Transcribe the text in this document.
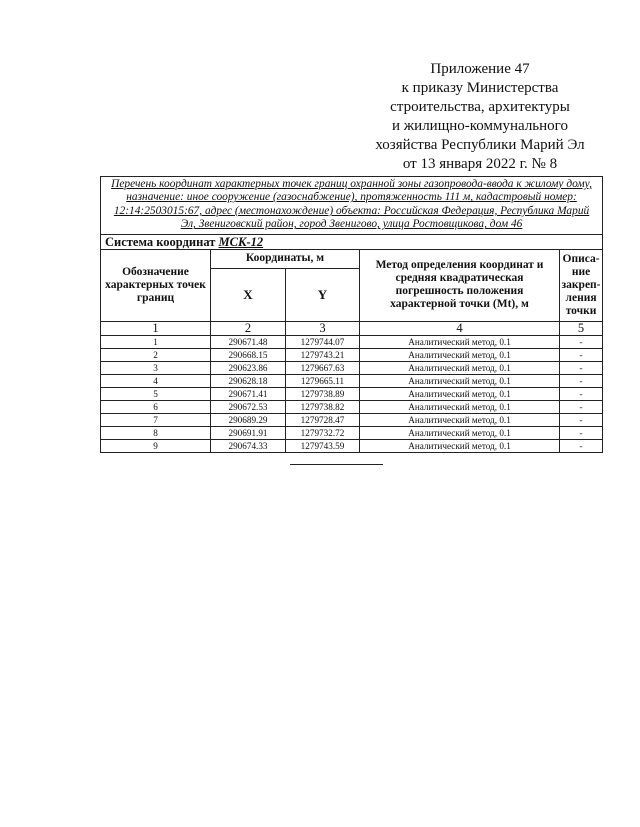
Приложение 47
к приказу Министерства
строительства, архитектуры
и жилищно-коммунального
хозяйства Республики Марий Эл
от 13 января 2022 г. № 8
Перечень координат характерных точек границ охранной зоны газопровода-ввода к жилому дому, назначение: иное сооружение (газоснабжение), протяженность 111 м, кадастровый номер: 12:14:2503015:67, адрес (местонахождение) объекта: Российская Федерация, Республика Марий Эл, Звениговский район, город Звенигово, улица Ростовщикова, дом 46				
Система координат МСК-12				
Обозначение характерных точек границ	Координаты, м		Метод определения координат и средняя квадратическая погрешность положения характерной точки (Mt), м	Описа-ние закреп-ления точки
	X	Y		
1	2	3	4	5
1	290671.48	1279744.07	Аналитический метод, 0.1	-
2	290668.15	1279743.21	Аналитический метод, 0.1	-
3	290623.86	1279667.63	Аналитический метод, 0.1	-
4	290628.18	1279665.11	Аналитический метод, 0.1	-
5	290671.41	1279738.89	Аналитический метод, 0.1	-
6	290672.53	1279738.82	Аналитический метод, 0.1	-
7	290689.29	1279728.47	Аналитический метод, 0.1	-
8	290691.91	1279732.72	Аналитический метод, 0.1	-
9	290674.33	1279743.59	Аналитический метод, 0.1	-
